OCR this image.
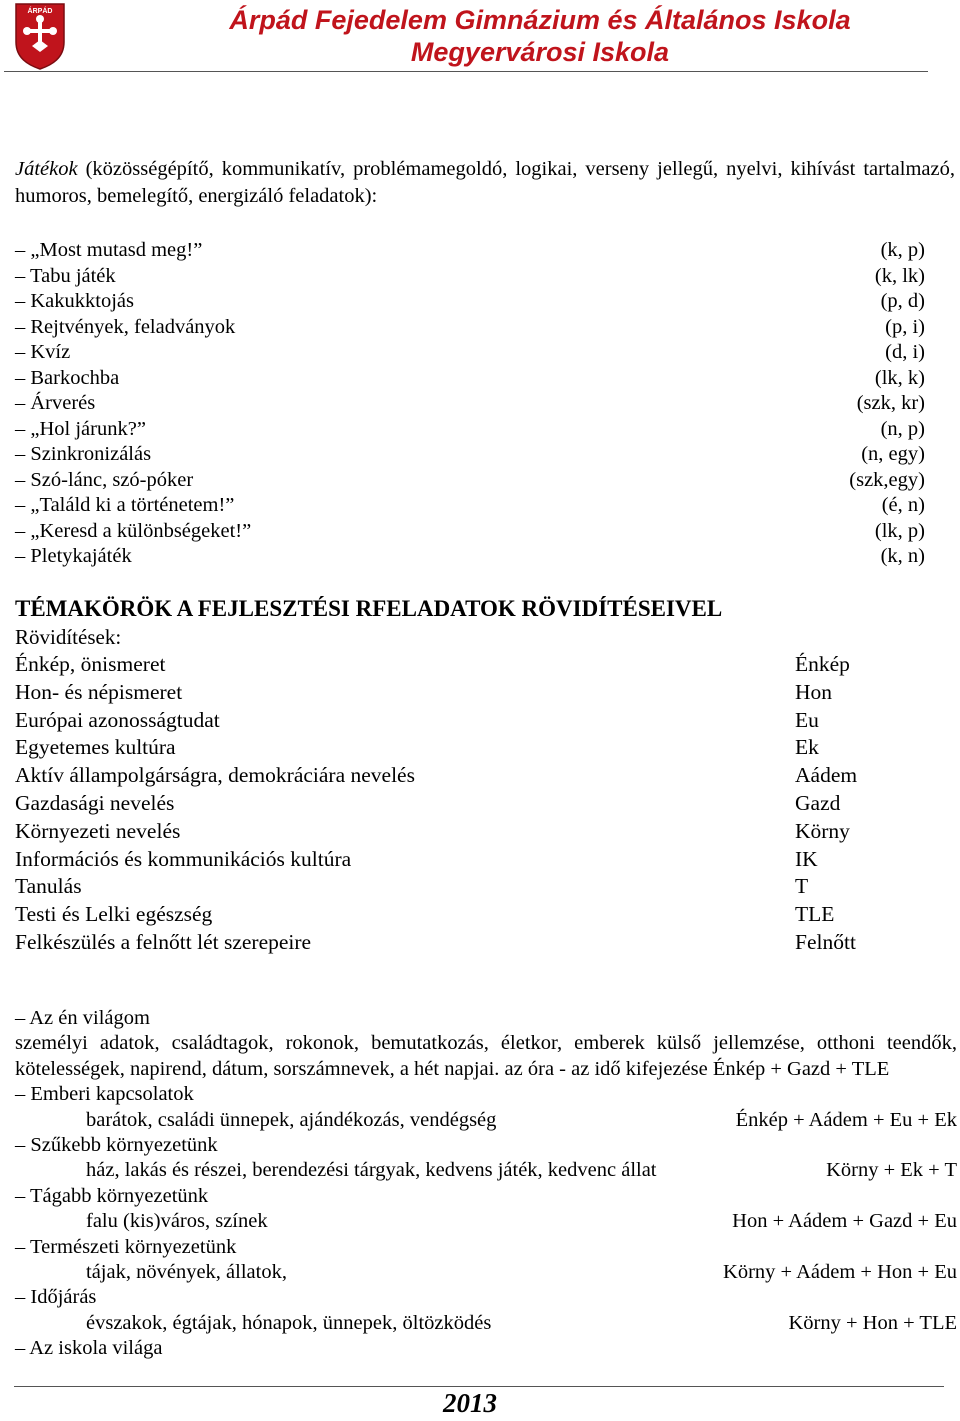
ÁRPÁD	Árpád Fejedelem Gimnázium és Általános Iskola
Megyervárosi Iskola
Játékok (közösségépítő, kommunikatív, problémamegoldó, logikai, verseny jellegű, nyelvi, kihívást tartalmazó, humoros, bemelegítő, energizáló feladatok):
– „Most mutasd meg!”	(k, p)
– Tabu játék	(k, lk)
– Kakukktojás	(p, d)
– Rejtvények, feladványok	(p, i)
– Kvíz	(d, i)
– Barkochba	(lk, k)
– Árverés	(szk, kr)
– „Hol járunk?”	(n, p)
– Szinkronizálás	(n, egy)
– Szó-lánc, szó-póker	(szk,egy)
– „Találd ki a történetem!”	(é, n)
– „Keresd a különbségeket!”	(lk, p)
– Pletykajáték	(k, n)
TÉMAKÖRÖK A FEJLESZTÉSI RFELADATOK RÖVIDÍTÉSEIVEL
Rövidítések:
Énkép, önismeret	Énkép
Hon- és népismeret	Hon
Európai azonosságtudat	Eu
Egyetemes kultúra	Ek
Aktív állampolgárságra, demokráciára nevelés	Aádem
Gazdasági nevelés	Gazd
Környezeti nevelés	Körny
Információs és kommunikációs kultúra	IK
Tanulás	T
Testi és Lelki egészség	TLE
Felkészülés a felnőtt lét szerepeire	Felnőtt
– Az én világom
személyi adatok, családtagok, rokonok, bemutatkozás, életkor, emberek külső jellemzése, otthoni teendők, kötelességek, napirend, dátum, sorszámnevek, a hét napjai. az óra - az idő kifejezése Énkép + Gazd + TLE
– Emberi kapcsolatok
barátok, családi ünnepek, ajándékozás, vendégség	Énkép + Aádem + Eu + Ek
– Szűkebb környezetünk
ház, lakás és részei, berendezési tárgyak, kedvens játék, kedvenc állat	Körny + Ek + T
– Tágabb környezetünk
falu (kis)város, színek	Hon + Aádem + Gazd + Eu
– Természeti környezetünk
tájak, növények, állatok,	Körny + Aádem + Hon + Eu
– Időjárás
évszakok, égtájak, hónapok, ünnepek, öltözködés	Körny + Hon + TLE
– Az iskola világa
2013
